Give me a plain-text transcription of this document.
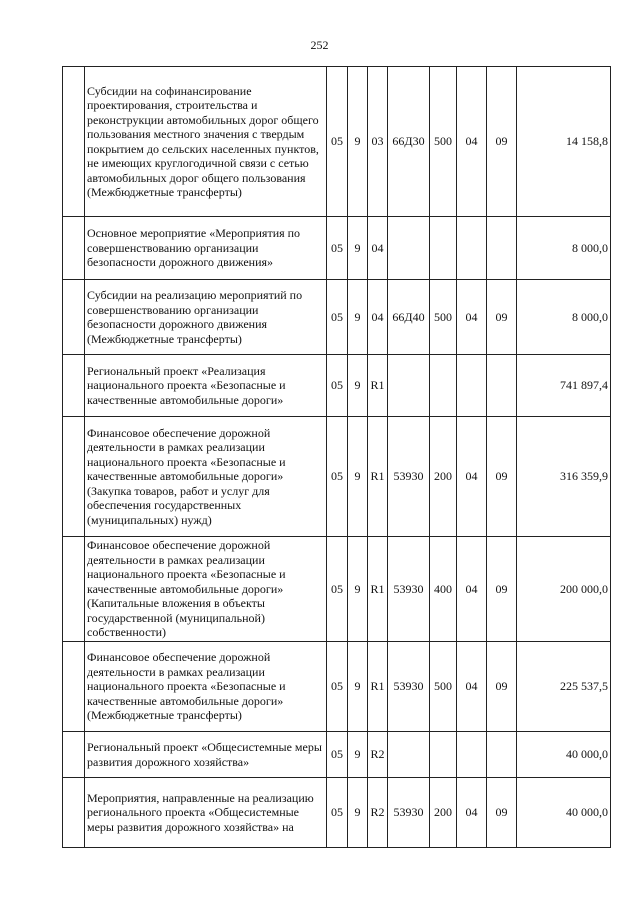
252
	Субсидии на софинансирование проектирования, строительства и реконструкции автомобильных дорог общего пользования местного значения с твердым покрытием до сельских населенных пунктов, не имеющих круглогодичной связи с сетью автомобильных дорог общего пользования (Межбюджетные трансферты)	05	9	03	66Д30	500	04	09	14 158,8
	Основное мероприятие «Мероприятия по совершенствованию организации безопасности дорожного движения»	05	9	04					8 000,0
	Субсидии на реализацию мероприятий по совершенствованию организации безопасности дорожного движения (Межбюджетные трансферты)	05	9	04	66Д40	500	04	09	8 000,0
	Региональный проект «Реализация национального проекта «Безопасные и качественные автомобильные дороги»	05	9	R1					741 897,4
	Финансовое обеспечение дорожной деятельности в рамках реализации национального проекта «Безопасные и качественные автомобильные дороги» (Закупка товаров, работ и услуг для обеспечения государственных (муниципальных) нужд)	05	9	R1	53930	200	04	09	316 359,9
	Финансовое обеспечение дорожной деятельности в рамках реализации национального проекта «Безопасные и качественные автомобильные дороги» (Капитальные вложения в объекты государственной (муниципальной) собственности)	05	9	R1	53930	400	04	09	200 000,0
	Финансовое обеспечение дорожной деятельности в рамках реализации национального проекта «Безопасные и качественные автомобильные дороги» (Межбюджетные трансферты)	05	9	R1	53930	500	04	09	225 537,5
	Региональный проект «Общесистемные меры развития дорожного хозяйства»	05	9	R2					40 000,0
	Мероприятия, направленные на реализацию регионального проекта «Общесистемные меры развития дорожного хозяйства» на	05	9	R2	53930	200	04	09	40 000,0
